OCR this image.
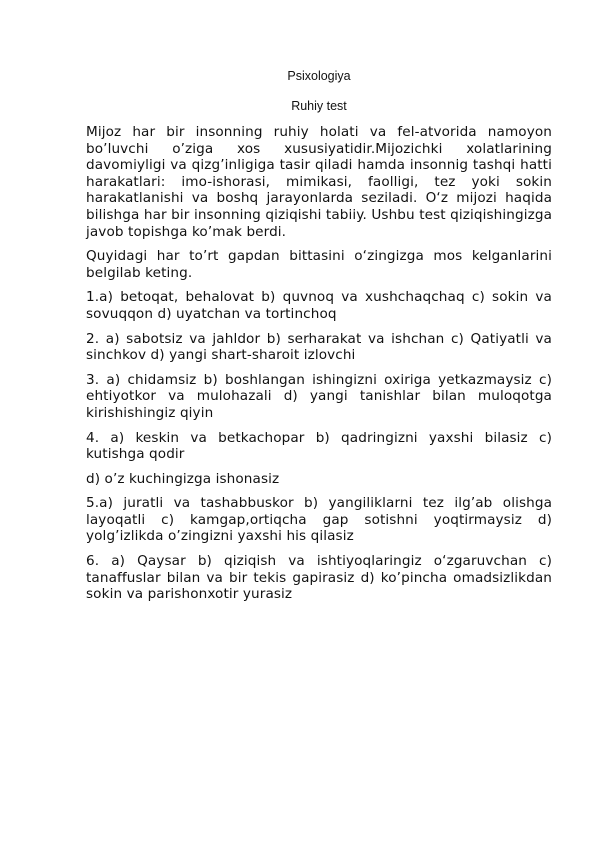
Psixologiya

Ruhiy test

Mijoz har bir insonning ruhiy holati va fel-atvorida namoyon bo’luvchi o’ziga xos xususiyatidir.Mijozichki xolatlarining davomiyligi va qizg’inligiga tasir qiladi hamda insonnig tashqi hatti harakatlari: imo-ishorasi, mimikasi, faolligi, tez yoki sokin harakatlanishi va boshq jarayonlarda seziladi. O‘z mijozi haqida bilishga har bir insonning qiziqishi tabiiy. Ushbu test qiziqishingizga javob topishga ko’mak berdi.

Quyidagi har to’rt gapdan bittasini o‘zingizga mos kelganlarini belgilab keting.

1.a) betoqat, behalovat b) quvnoq va xushchaqchaq c) sokin va sovuqqon d) uyatchan va tortinchoq

2. a) sabotsiz va jahldor b) serharakat va ishchan c) Qatiyatli va sinchkov d) yangi shart-sharoit izlovchi

3. a) chidamsiz b) boshlangan ishingizni oxiriga yetkazmaysiz c) ehtiyotkor va mulohazali d) yangi tanishlar bilan muloqotga kirishishingiz qiyin

4. a) keskin va betkachopar b) qadringizni yaxshi bilasiz c) kutishga qodir

d) o’z kuchingizga ishonasiz

5.a) juratli va tashabbuskor b) yangiliklarni tez ilg’ab olishga layoqatli c) kamgap,ortiqcha gap sotishni yoqtirmaysiz d) yolg’izlikda o’zingizni yaxshi his qilasiz

6. a) Qaysar b) qiziqish va ishtiyoqlaringiz o‘zgaruvchan c) tanaffuslar bilan va bir tekis gapirasiz d) ko’pincha omadsizlikdan sokin va parishonxotir yurasiz
